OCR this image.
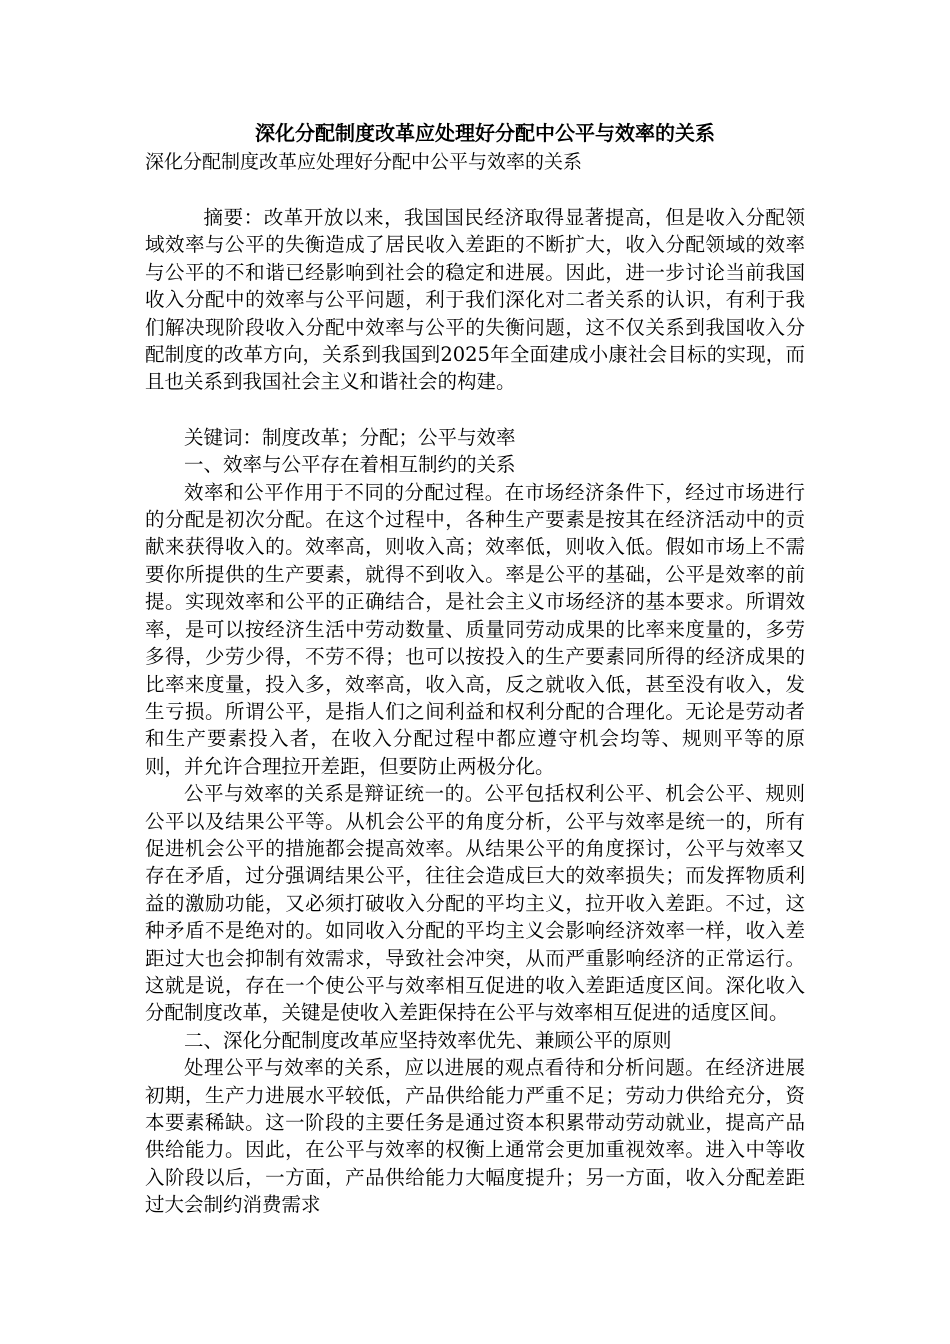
深化分配制度改革应处理好分配中公平与效率的关系
深化分配制度改革应处理好分配中公平与效率的关系

摘要：改革开放以来，我国国民经济取得显著提高，但是收入分配领域效率与公平的失衡造成了居民收入差距的不断扩大，收入分配领域的效率与公平的不和谐已经影响到社会的稳定和进展。因此，进一步讨论当前我国收入分配中的效率与公平问题，利于我们深化对二者关系的认识，有利于我们解决现阶段收入分配中效率与公平的失衡问题，这不仅关系到我国收入分配制度的改革方向，关系到我国到2025年全面建成小康社会目标的实现，而且也关系到我国社会主义和谐社会的构建。

关键词：制度改革；分配；公平与效率

一、效率与公平存在着相互制约的关系

效率和公平作用于不同的分配过程。在市场经济条件下，经过市场进行的分配是初次分配。在这个过程中，各种生产要素是按其在经济活动中的贡献来获得收入的。效率高，则收入高；效率低，则收入低。假如市场上不需要你所提供的生产要素，就得不到收入。率是公平的基础，公平是效率的前提。实现效率和公平的正确结合，是社会主义市场经济的基本要求。所谓效率，是可以按经济生活中劳动数量、质量同劳动成果的比率来度量的，多劳多得，少劳少得，不劳不得；也可以按投入的生产要素同所得的经济成果的比率来度量，投入多，效率高，收入高，反之就收入低，甚至没有收入，发生亏损。所谓公平，是指人们之间利益和权利分配的合理化。无论是劳动者和生产要素投入者，在收入分配过程中都应遵守机会均等、规则平等的原则，并允许合理拉开差距，但要防止两极分化。

公平与效率的关系是辩证统一的。公平包括权利公平、机会公平、规则公平以及结果公平等。从机会公平的角度分析，公平与效率是统一的，所有促进机会公平的措施都会提高效率。从结果公平的角度探讨，公平与效率又存在矛盾，过分强调结果公平，往往会造成巨大的效率损失；而发挥物质利益的激励功能，又必须打破收入分配的平均主义，拉开收入差距。不过，这种矛盾不是绝对的。如同收入分配的平均主义会影响经济效率一样，收入差距过大也会抑制有效需求，导致社会冲突，从而严重影响经济的正常运行。这就是说，存在一个使公平与效率相互促进的收入差距适度区间。深化收入分配制度改革，关键是使收入差距保持在公平与效率相互促进的适度区间。

二、深化分配制度改革应坚持效率优先、兼顾公平的原则

处理公平与效率的关系，应以进展的观点看待和分析问题。在经济进展初期，生产力进展水平较低，产品供给能力严重不足；劳动力供给充分，资本要素稀缺。这一阶段的主要任务是通过资本积累带动劳动就业，提高产品供给能力。因此，在公平与效率的权衡上通常会更加重视效率。进入中等收入阶段以后，一方面，产品供给能力大幅度提升；另一方面，收入分配差距过大会制约消费需求
